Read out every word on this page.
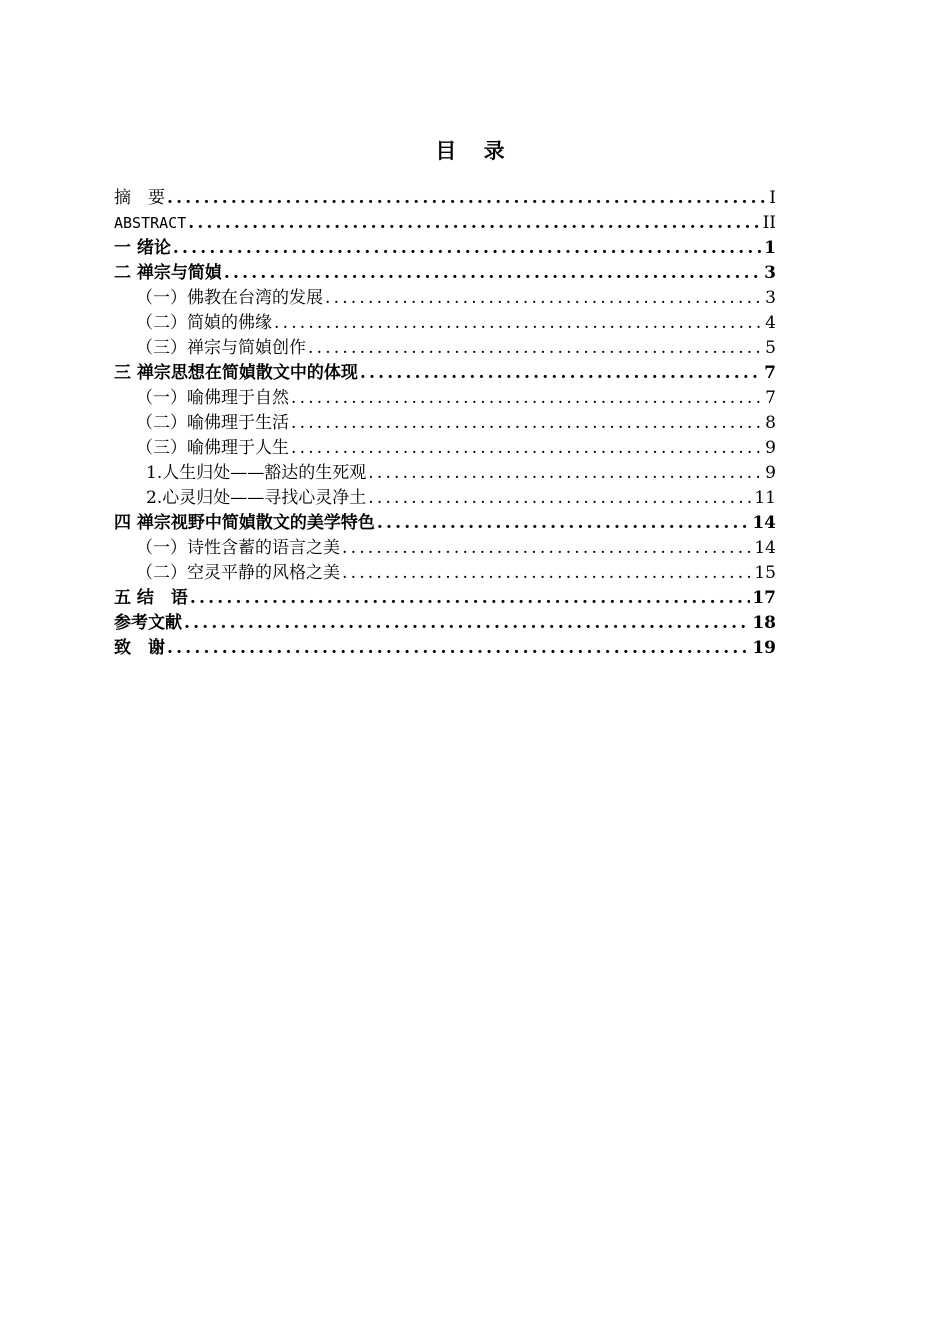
目 录
摘　要 .....	I
ABSTRACT .....	II
一 绪论 .....	1
二 禅宗与简媜 .....	3
（一）佛教在台湾的发展 .....	3
（二）简媜的佛缘 .....	4
（三）禅宗与简媜创作 .....	5
三 禅宗思想在简媜散文中的体现 .....	7
（一）喻佛理于自然 .....	7
（二）喻佛理于生活 .....	8
（三）喻佛理于人生 .....	9
1.人生归处——豁达的生死观 .....	9
2.心灵归处——寻找心灵净土 .....	11
四 禅宗视野中简媜散文的美学特色 .....	14
（一）诗性含蓄的语言之美 .....	14
（二）空灵平静的风格之美 .....	15
五 结　语 .....	17
参考文献 .....	18
致　谢 .....	19
